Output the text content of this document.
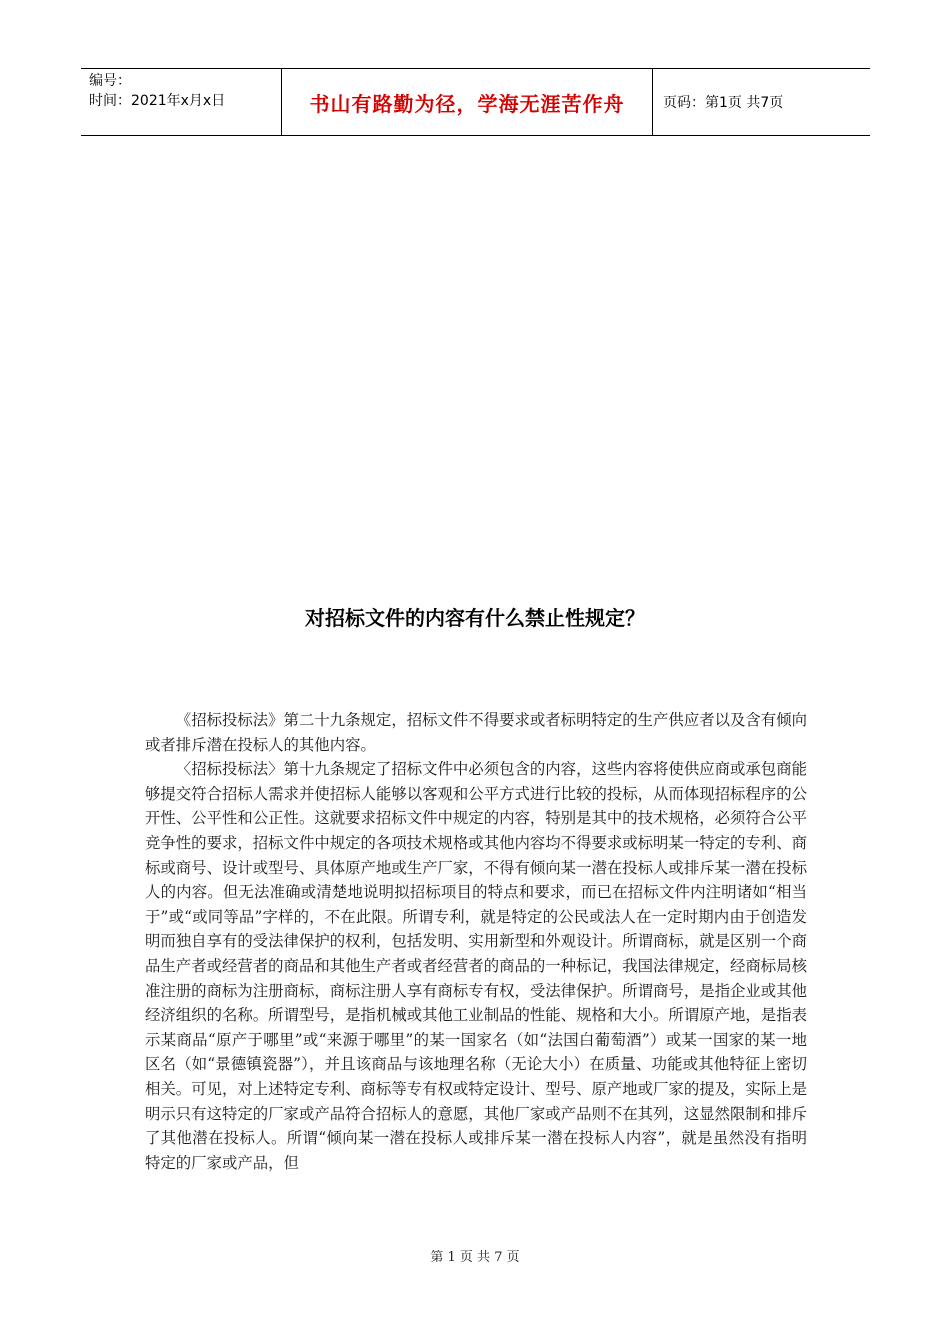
编号：
时间：2021年x月x日	书山有路勤为径，学海无涯苦作舟	页码：第1页 共7页
对招标文件的内容有什么禁止性规定？

《招标投标法》第二十九条规定，招标文件不得要求或者标明特定的生产供应者以及含有倾向或者排斥潜在投标人的其他内容。

〈招标投标法〉第十九条规定了招标文件中必须包含的内容，这些内容将使供应商或承包商能够提交符合招标人需求并使招标人能够以客观和公平方式进行比较的投标，从而体现招标程序的公开性、公平性和公正性。这就要求招标文件中规定的内容，特别是其中的技术规格，必须符合公平竞争性的要求，招标文件中规定的各项技术规格或其他内容均不得要求或标明某一特定的专利、商标或商号、设计或型号、具体原产地或生产厂家，不得有倾向某一潜在投标人或排斥某一潜在投标人的内容。但无法准确或清楚地说明拟招标项目的特点和要求，而已在招标文件内注明诸如“相当于”或“或同等品”字样的，不在此限。所谓专利，就是特定的公民或法人在一定时期内由于创造发明而独自享有的受法律保护的权利，包括发明、实用新型和外观设计。所谓商标，就是区别一个商品生产者或经营者的商品和其他生产者或者经营者的商品的一种标记，我国法律规定，经商标局核准注册的商标为注册商标，商标注册人享有商标专有权，受法律保护。所谓商号，是指企业或其他经济组织的名称。所谓型号，是指机械或其他工业制品的性能、规格和大小。所谓原产地，是指表示某商品“原产于哪里”或“来源于哪里”的某一国家名（如“法国白葡萄酒”）或某一国家的某一地区名（如“景德镇瓷器”），并且该商品与该地理名称（无论大小）在质量、功能或其他特征上密切相关。可见，对上述特定专利、商标等专有权或特定设计、型号、原产地或厂家的提及，实际上是明示只有这特定的厂家或产品符合招标人的意愿，其他厂家或产品则不在其列，这显然限制和排斥了其他潜在投标人。所谓“倾向某一潜在投标人或排斥某一潜在投标人内容”，就是虽然没有指明特定的厂家或产品，但

第 1 页 共 7 页
